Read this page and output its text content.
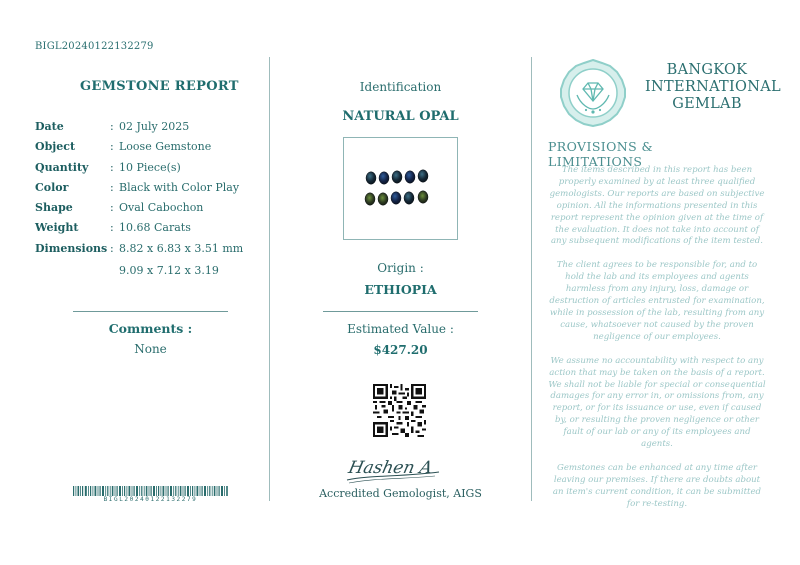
BIGL20240122132279
GEMSTONE REPORT
Date	: 02 July 2025
Object	: Loose Gemstone
Quantity : 10 Piece(s)
Color	: Black with Color Play
Shape	: Oval Cabochon
Weight	: 10.68 Carats
Dimensions : 8.82 x 6.83 x 3.51 mm
9.09 x 7.12 x 3.19
Comments :
None
BIGL20240122132279
Identification
NATURAL OPAL
Origin :
ETHIOPIA
Estimated Value :
$427.20
Hashen A
Accredited Gemologist, AIGS
BANGKOK
INTERNATIONAL
GEMLAB
PROVISIONS & LIMITATIONS

The items described in this report has been properly examined by at least three qualified gemologists. Our reports are based on subjective opinion. All the informations presented in this report represent the opinion given at the time of the evaluation. It does not take into account of any subsequent modifications of the item tested.

The client agrees to be responsible for, and to hold the lab and its employees and agents harmless from any injury, loss, damage or destruction of articles entrusted for examination, while in possession of the lab, resulting from any cause, whatsoever not caused by the proven negligence of our employees.

We assume no accountability with respect to any action that may be taken on the basis of a report. We shall not be liable for special or consequential damages for any error in, or omissions from, any report, or for its issuance or use, even if caused by, or resulting the proven negligence or other fault of our lab or any of its employees and agents.

Gemstones can be enhanced at any time after leaving our premises. If there are doubts about an item's current condition, it can be submitted for re-testing.
